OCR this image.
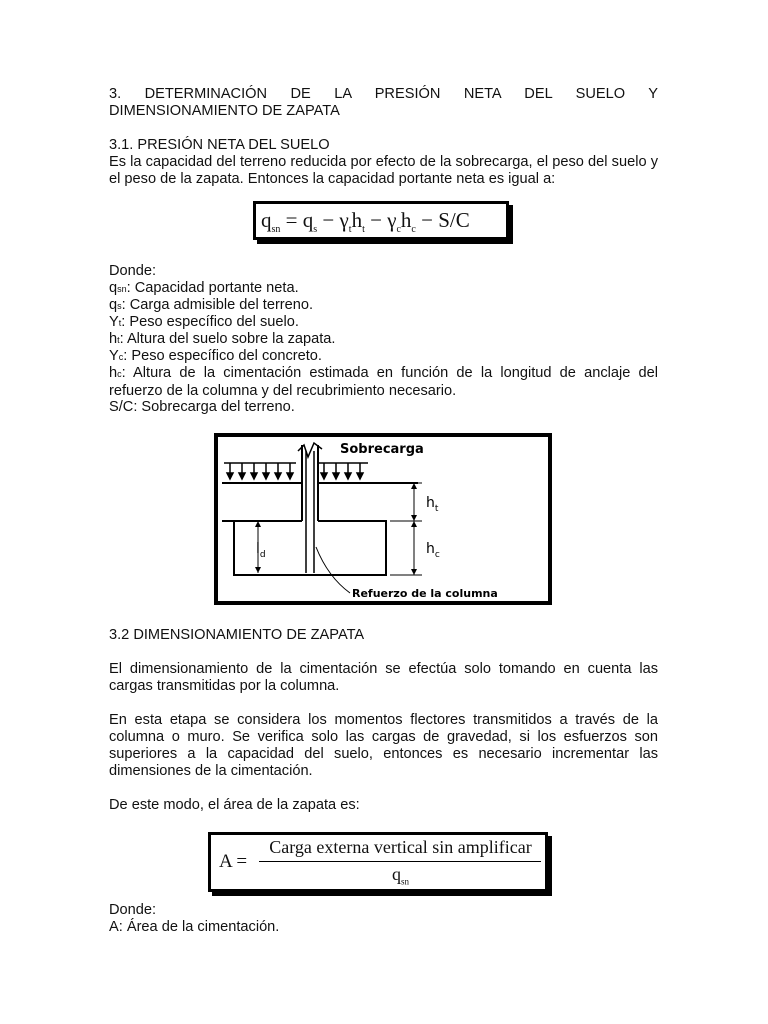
3. DETERMINACIÓN DE LA PRESIÓN NETA DEL SUELO Y

DIMENSIONAMIENTO DE ZAPATA

3.1. PRESIÓN NETA DEL SUELO

Es la capacidad del terreno reducida por efecto de la sobrecarga, el peso del suelo y el peso de la zapata. Entonces la capacidad portante neta es igual a:

$q_{sn} = q_s - \gamma_th_t - \gamma_ch_c - S/C$

Donde:

qsn: Capacidad portante neta.

qs: Carga admisible del terreno.

Yt: Peso específico del suelo.

ht: Altura del suelo sobre la zapata.

Yc: Peso específico del concreto.

hc: Altura de la cimentación estimada en función de la longitud de anclaje del refuerzo de la columna y del recubrimiento necesario.

S/C: Sobrecarga del terreno.

Sobrecarga
$h_t$
$h_c$
$l_d$
Refuerzo de la columna

3.2 DIMENSIONAMIENTO DE ZAPATA

El dimensionamiento de la cimentación se efectúa solo tomando en cuenta las cargas transmitidas por la columna.

En esta etapa se considera los momentos flectores transmitidos a través de la columna o muro. Se verifica solo las cargas de gravedad, si los esfuerzos son superiores a la capacidad del suelo, entonces es necesario incrementar las dimensiones de la cimentación.

De este modo, el área de la zapata es:

A =
Carga externa vertical sin amplificar
$q_{sn}$

Donde:

A: Área de la cimentación.
